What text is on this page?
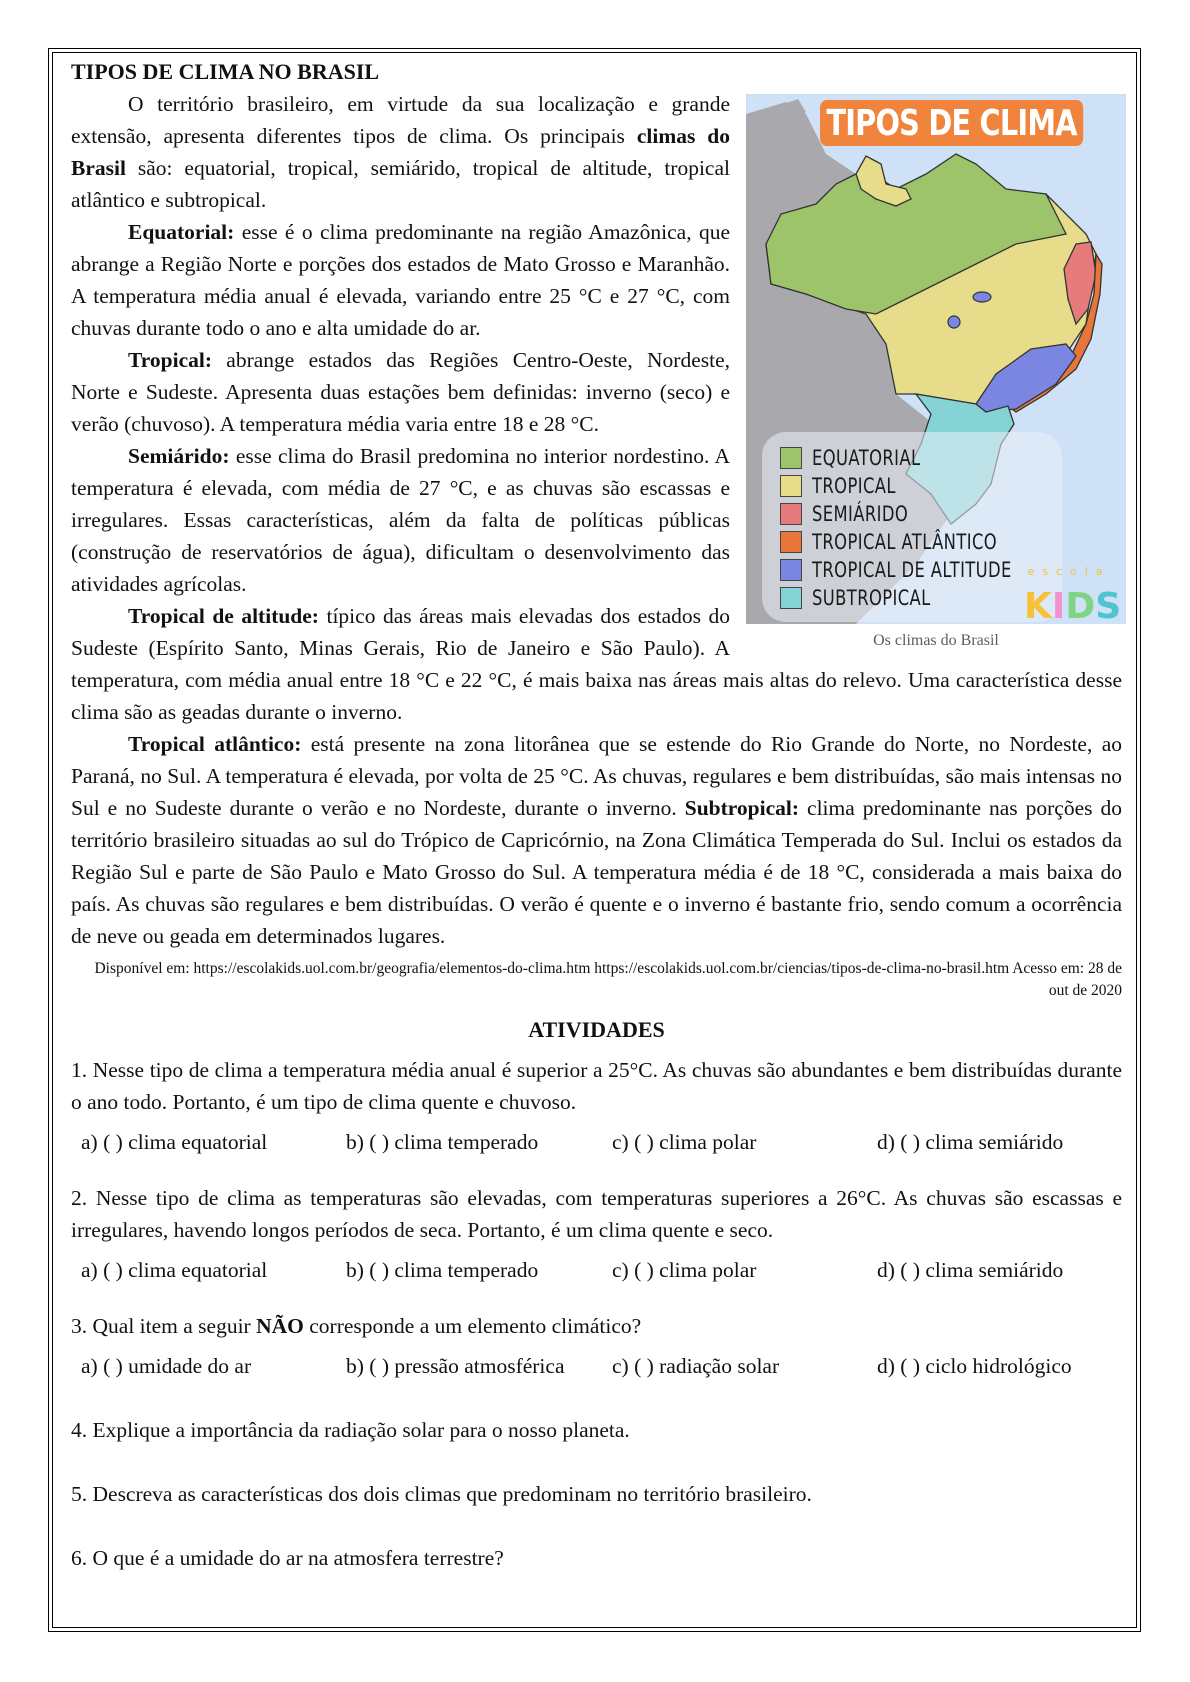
TIPOS DE CLIMA NO BRASIL
TIPOS DE CLIMA
EQUATORIAL
TROPICAL
SEMIÁRIDO
TROPICAL ATLÂNTICO
TROPICAL DE ALTITUDE
SUBTROPICAL
escola
KIDS
Os climas do Brasil

O território brasileiro, em virtude da sua localização e grande extensão, apresenta diferentes tipos de clima. Os principais climas do Brasil são: equatorial, tropical, semiárido, tropical de altitude, tropical atlântico e subtropical.

Equatorial: esse é o clima predominante na região Amazônica, que abrange a Região Norte e porções dos estados de Mato Grosso e Maranhão. A temperatura média anual é elevada, variando entre 25 °C e 27 °C, com chuvas durante todo o ano e alta umidade do ar.

Tropical: abrange estados das Regiões Centro-Oeste, Nordeste, Norte e Sudeste. Apresenta duas estações bem definidas: inverno (seco) e verão (chuvoso). A temperatura média varia entre 18 e 28 °C.

Semiárido: esse clima do Brasil predomina no interior nordestino. A temperatura é elevada, com média de 27 °C, e as chuvas são escassas e irregulares. Essas características, além da falta de políticas públicas (construção de reservatórios de água), dificultam o desenvolvimento das atividades agrícolas.

Tropical de altitude: típico das áreas mais elevadas dos estados do Sudeste (Espírito Santo, Minas Gerais, Rio de Janeiro e São Paulo). A temperatura, com média anual entre 18 °C e 22 °C, é mais baixa nas áreas mais altas do relevo. Uma característica desse clima são as geadas durante o inverno.

Tropical atlântico: está presente na zona litorânea que se estende do Rio Grande do Norte, no Nordeste, ao Paraná, no Sul. A temperatura é elevada, por volta de 25 °C. As chuvas, regulares e bem distribuídas, são mais intensas no Sul e no Sudeste durante o verão e no Nordeste, durante o inverno. Subtropical: clima predominante nas porções do território brasileiro situadas ao sul do Trópico de Capricórnio, na Zona Climática Temperada do Sul. Inclui os estados da Região Sul e parte de São Paulo e Mato Grosso do Sul. A temperatura média é de 18 °C, considerada a mais baixa do país. As chuvas são regulares e bem distribuídas. O verão é quente e o inverno é bastante frio, sendo comum a ocorrência de neve ou geada em determinados lugares.

Disponível em: https://escolakids.uol.com.br/geografia/elementos-do-clima.htm https://escolakids.uol.com.br/ciencias/tipos-de-clima-no-brasil.htm Acesso em: 28 de out de 2020
ATIVIDADES

1. Nesse tipo de clima a temperatura média anual é superior a 25°C. As chuvas são abundantes e bem distribuídas durante o ano todo. Portanto, é um tipo de clima quente e chuvoso.

a) ( ) clima equatorial	b) ( ) clima temperado	c) ( ) clima polar	d) ( ) clima semiárido

2. Nesse tipo de clima as temperaturas são elevadas, com temperaturas superiores a 26°C. As chuvas são escassas e irregulares, havendo longos períodos de seca. Portanto, é um clima quente e seco.

a) ( ) clima equatorial	b) ( ) clima temperado	c) ( ) clima polar	d) ( ) clima semiárido

3. Qual item a seguir NÃO corresponde a um elemento climático?

a) ( ) umidade do ar	b) ( ) pressão atmosférica	c) ( ) radiação solar	d) ( ) ciclo hidrológico

4. Explique a importância da radiação solar para o nosso planeta.

5. Descreva as características dos dois climas que predominam no território brasileiro.

6. O que é a umidade do ar na atmosfera terrestre?
